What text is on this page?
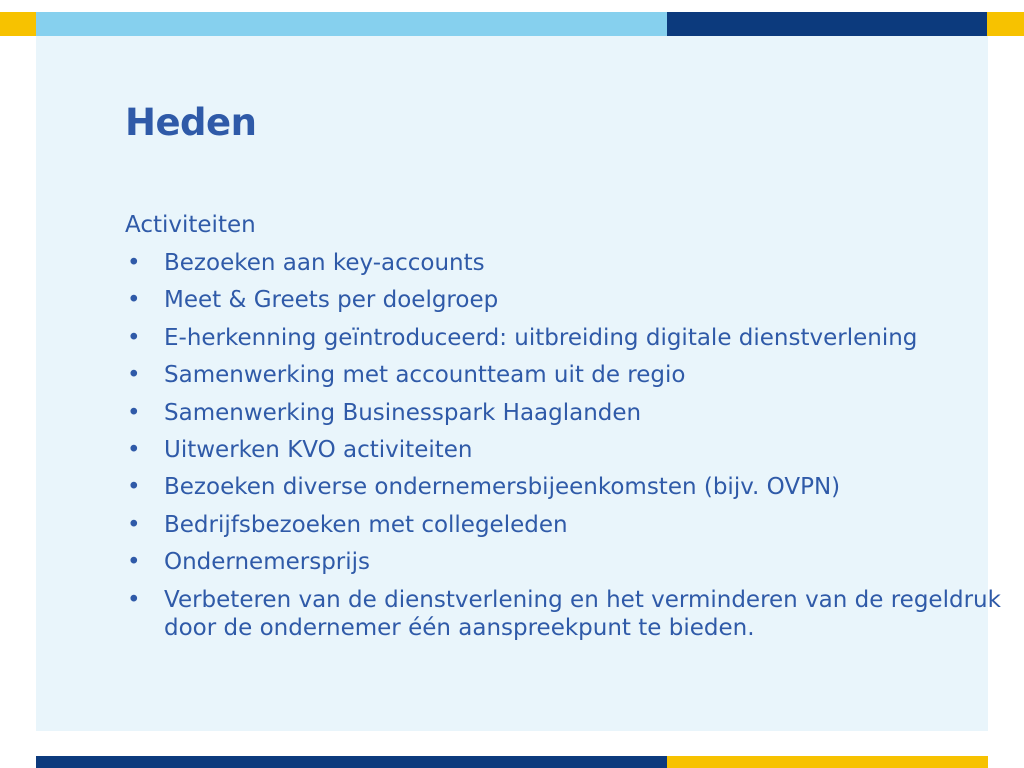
Heden
Activiteiten
• Bezoeken aan key-accounts
• Meet & Greets per doelgroep
• E-herkenning geïntroduceerd: uitbreiding digitale dienstverlening
• Samenwerking met accountteam uit de regio
• Samenwerking Businesspark Haaglanden
• Uitwerken KVO activiteiten
• Bezoeken diverse ondernemersbijeenkomsten (bijv. OVPN)
• Bedrijfsbezoeken met collegeleden
• Ondernemersprijs
• Verbeteren van de dienstverlening en het verminderen van de regeldruk door de ondernemer één aanspreekpunt te bieden.
